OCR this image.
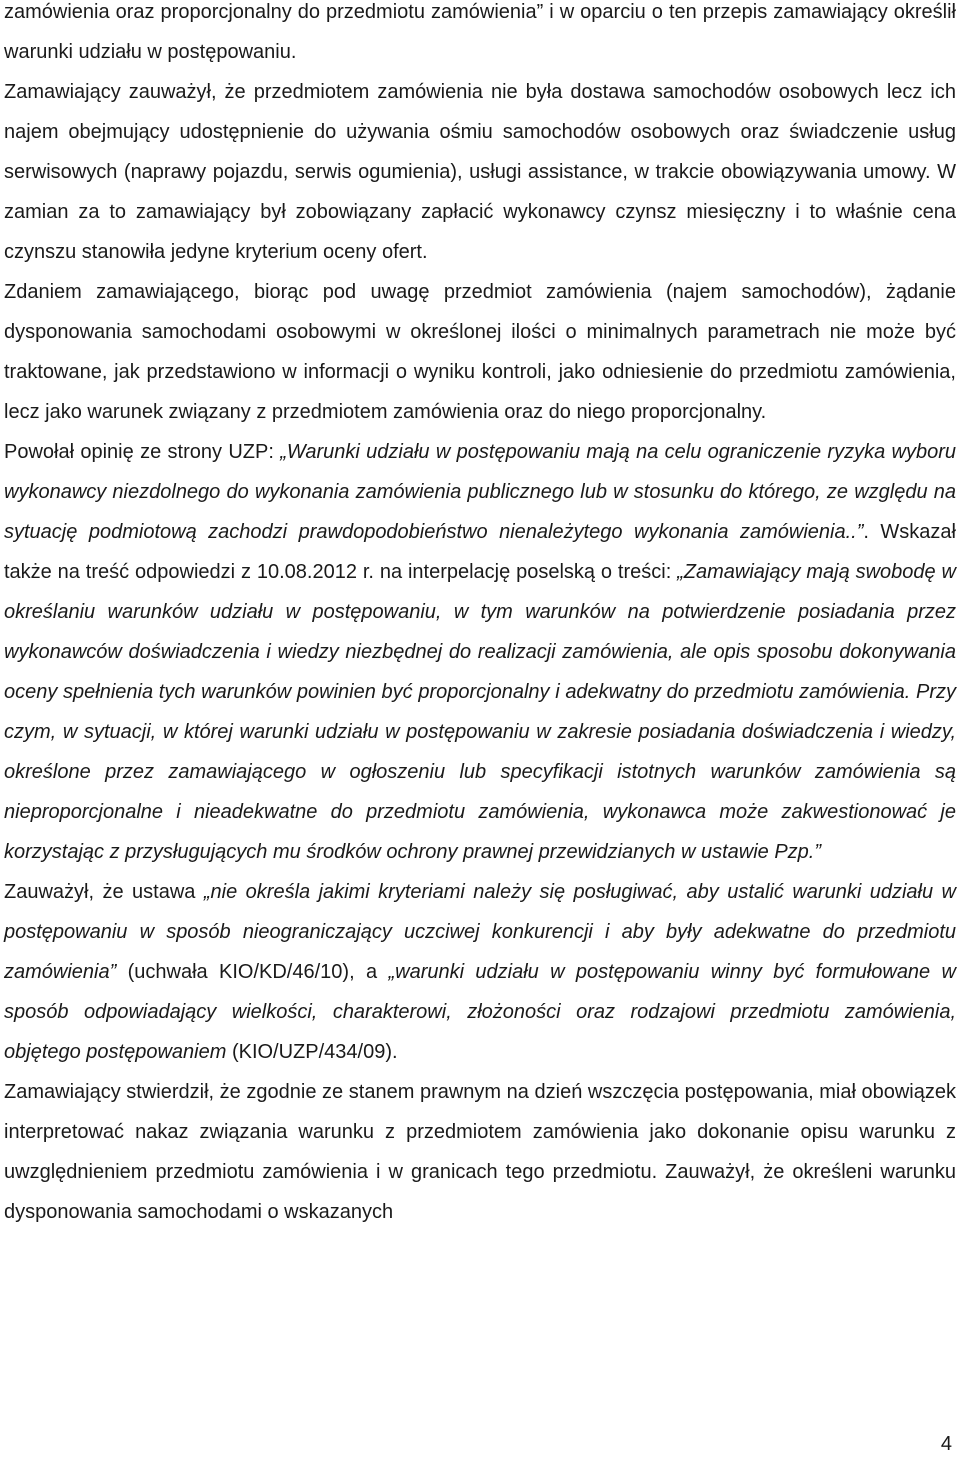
zamówienia oraz proporcjonalny do przedmiotu zamówienia” i w oparciu o ten przepis zamawiający określił warunki udziału w postępowaniu.

Zamawiający zauważył, że przedmiotem zamówienia nie była dostawa samochodów osobowych lecz ich najem obejmujący udostępnienie do używania ośmiu samochodów osobowych oraz świadczenie usług serwisowych (naprawy pojazdu, serwis ogumienia), usługi assistance, w trakcie obowiązywania umowy. W zamian za to zamawiający był zobowiązany zapłacić wykonawcy czynsz miesięczny i to właśnie cena czynszu stanowiła jedyne kryterium oceny ofert.

Zdaniem zamawiającego, biorąc pod uwagę przedmiot zamówienia (najem samochodów), żądanie dysponowania samochodami osobowymi w określonej ilości o minimalnych parametrach nie może być traktowane, jak przedstawiono w informacji o wyniku kontroli, jako odniesienie do przedmiotu zamówienia, lecz jako warunek związany z przedmiotem zamówienia oraz do niego proporcjonalny.

Powołał opinię ze strony UZP: „Warunki udziału w postępowaniu mają na celu ograniczenie ryzyka wyboru wykonawcy niezdolnego do wykonania zamówienia publicznego lub w stosunku do którego, ze względu na sytuację podmiotową zachodzi prawdopodobieństwo nienależytego wykonania zamówienia..”. Wskazał także na treść odpowiedzi z 10.08.2012 r. na interpelację poselską o treści: „Zamawiający mają swobodę w określaniu warunków udziału w postępowaniu, w tym warunków na potwierdzenie posiadania przez wykonawców doświadczenia i wiedzy niezbędnej do realizacji zamówienia, ale opis sposobu dokonywania oceny spełnienia tych warunków powinien być proporcjonalny i adekwatny do przedmiotu zamówienia. Przy czym, w sytuacji, w której warunki udziału w postępowaniu w zakresie posiadania doświadczenia i wiedzy, określone przez zamawiającego w ogłoszeniu lub specyfikacji istotnych warunków zamówienia są nieproporcjonalne i nieadekwatne do przedmiotu zamówienia, wykonawca może zakwestionować je korzystając z przysługujących mu środków ochrony prawnej przewidzianych w ustawie Pzp.”

Zauważył, że ustawa „nie określa jakimi kryteriami należy się posługiwać, aby ustalić warunki udziału w postępowaniu w sposób nieograniczający uczciwej konkurencji i aby były adekwatne do przedmiotu zamówienia” (uchwała KIO/KD/46/10), a „warunki udziału w postępowaniu winny być formułowane w sposób odpowiadający wielkości, charakterowi, złożoności oraz rodzajowi przedmiotu zamówienia, objętego postępowaniem (KIO/UZP/434/09).

Zamawiający stwierdził, że zgodnie ze stanem prawnym na dzień wszczęcia postępowania, miał obowiązek interpretować nakaz związania warunku z przedmiotem zamówienia jako dokonanie opisu warunku z uwzględnieniem przedmiotu zamówienia i w granicach tego przedmiotu. Zauważył, że określeni warunku dysponowania samochodami o wskazanych

4
